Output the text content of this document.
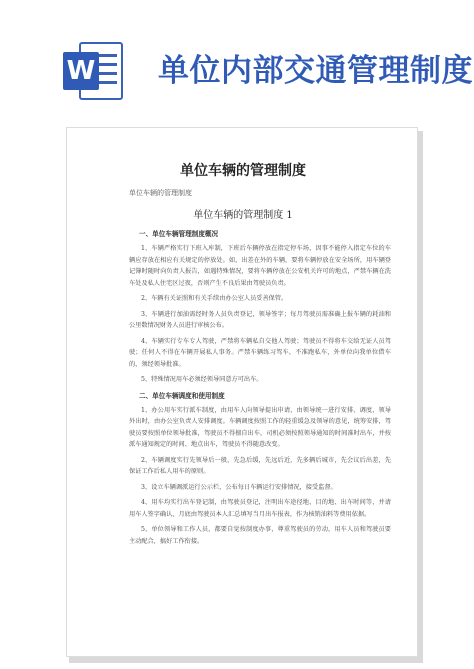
W 单位内部交通管理制度
单位车辆的管理制度
单位车辆的管理制度
单位车辆的管理制度 1
一、单位车辆管理制度概况

1、车辆严格实行下班入库制，下班后车辆停放在指定停车场，因事不能停入指定车位的车辆应存放在相应有关规定的停放处。如，出差在外的车辆，要将车辆停放在安全场所，用车辆登记簿时随时向负责人报告，如遇特殊情况，要将车辆停放在公安机关许可的地点，严禁车辆在洗车处及私人住宅区过夜，否则产生不良后果由驾驶员负责。

2、车辆有关证照和有关手续由办公室人员妥善保管。

3、车辆进行加油需经时务人员负责登记，领导签字；每月驾驶员需准确上报车辆的耗油和公里数情况财务人员进行审核公布。

4、车辆实行专车专人驾驶，严禁将车辆私自交他人驾驶；驾驶员不得将车交给无证人员驾驶；任何人不得在车辆开展私人事务。严禁车辆练习驾车，不准跑私车，外单位向我单位借车的，须经领导批准。

5、特殊情况用车必须经领导同意方可出车。

二、单位车辆调度和使用制度

1、办公用车实行派车制度，由用车人向领导提出申请，由领导统一进行安排、调度，领导外出时，由办公室负责人安排调度。车辆调度按照工作的轻重缓急及领导的意见，统筹安排，驾驶员要按照单位领导批准，驾驶员不得擅自出车，司机必须按照领导通知的时间准时出车，并按派车通知规定的时间、地点出车，驾驶员不得随意改变。

2、车辆调度实行先领导后一般，先急后缓，先远后近，先多辆后城市，先会议后出差，先保证工作后私人用车的原则。

3、设立车辆调派运行公示栏，公布每日车辆运行安排情况，接受监督。

4、用车均实行出车登记制，由驾驶员登记，注明出车途径地、目的地、出车时间等，并请用车人签字确认，月底由驾驶员本人汇总填写当月出车报表，作为核销油料等费用依据。

5、单位领导和工作人员，都要自觉按制度办事，尊重驾驶员的劳动，用车人员和驾驶员要主动配合，搞好工作衔接。
